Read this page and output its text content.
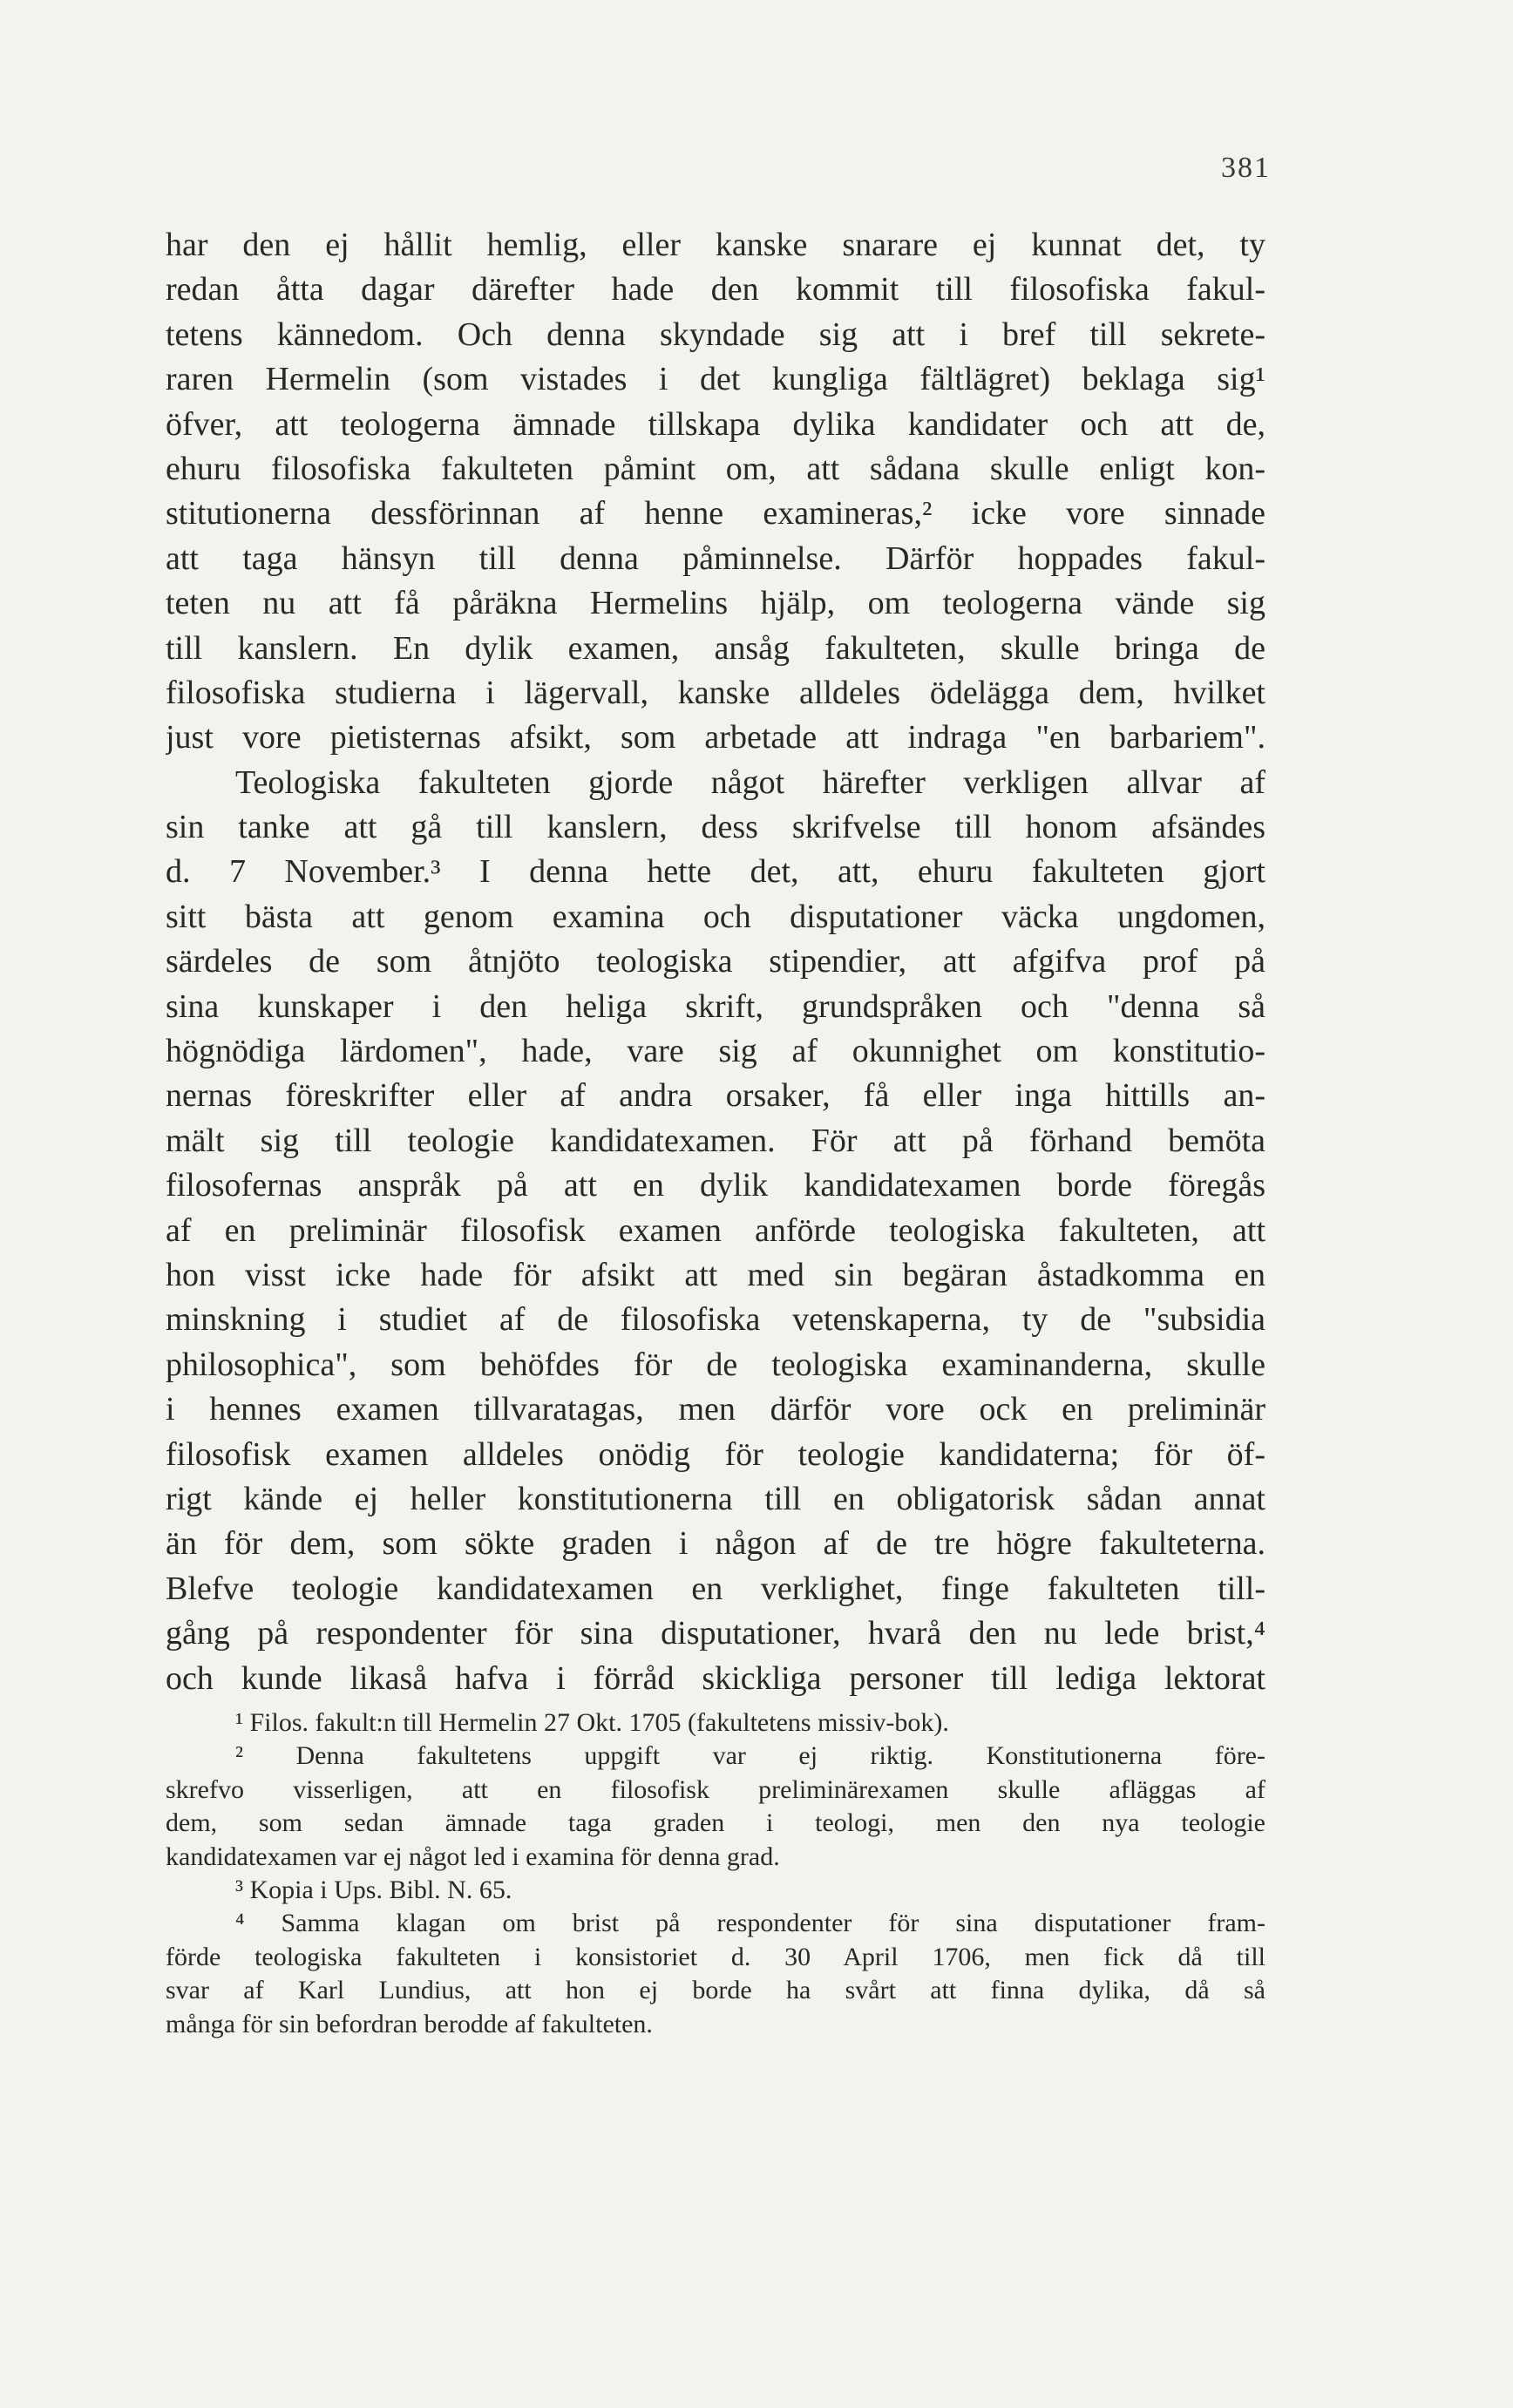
381
har den ej hållit hemlig, eller kanske snarare ej kunnat det, ty
redan åtta dagar därefter hade den kommit till filosofiska fakul-
tetens kännedom. Och denna skyndade sig att i bref till sekrete-
raren Hermelin (som vistades i det kungliga fältlägret) beklaga sig¹
öfver, att teologerna ämnade tillskapa dylika kandidater och att de,
ehuru filosofiska fakulteten påmint om, att sådana skulle enligt kon-
stitutionerna dessförinnan af henne examineras,² icke vore sinnade
att taga hänsyn till denna påminnelse. Därför hoppades fakul-
teten nu att få påräkna Hermelins hjälp, om teologerna vände sig
till kanslern. En dylik examen, ansåg fakulteten, skulle bringa de
filosofiska studierna i lägervall, kanske alldeles ödelägga dem, hvilket
just vore pietisternas afsikt, som arbetade att indraga "en barbariem".
Teologiska fakulteten gjorde något härefter verkligen allvar af
sin tanke att gå till kanslern, dess skrifvelse till honom afsändes
d. 7 November.³ I denna hette det, att, ehuru fakulteten gjort
sitt bästa att genom examina och disputationer väcka ungdomen,
särdeles de som åtnjöto teologiska stipendier, att afgifva prof på
sina kunskaper i den heliga skrift, grundspråken och "denna så
högnödiga lärdomen", hade, vare sig af okunnighet om konstitutio-
nernas föreskrifter eller af andra orsaker, få eller inga hittills an-
mält sig till teologie kandidatexamen. För att på förhand bemöta
filosofernas anspråk på att en dylik kandidatexamen borde föregås
af en preliminär filosofisk examen anförde teologiska fakulteten, att
hon visst icke hade för afsikt att med sin begäran åstadkomma en
minskning i studiet af de filosofiska vetenskaperna, ty de "subsidia
philosophica", som behöfdes för de teologiska examinanderna, skulle
i hennes examen tillvaratagas, men därför vore ock en preliminär
filosofisk examen alldeles onödig för teologie kandidaterna; för öf-
rigt kände ej heller konstitutionerna till en obligatorisk sådan annat
än för dem, som sökte graden i någon af de tre högre fakulteterna.
Blefve teologie kandidatexamen en verklighet, finge fakulteten till-
gång på respondenter för sina disputationer, hvarå den nu lede brist,⁴
och kunde likaså hafva i förråd skickliga personer till lediga lektorat
¹ Filos. fakult:n till Hermelin 27 Okt. 1705 (fakultetens missiv-bok).
² Denna fakultetens uppgift var ej riktig. Konstitutionerna före-
skrefvo visserligen, att en filosofisk preliminärexamen skulle afläggas af
dem, som sedan ämnade taga graden i teologi, men den nya teologie
kandidatexamen var ej något led i examina för denna grad.
³ Kopia i Ups. Bibl. N. 65.
⁴ Samma klagan om brist på respondenter för sina disputationer fram-
förde teologiska fakulteten i konsistoriet d. 30 April 1706, men fick då till
svar af Karl Lundius, att hon ej borde ha svårt att finna dylika, då så
många för sin befordran berodde af fakulteten.
